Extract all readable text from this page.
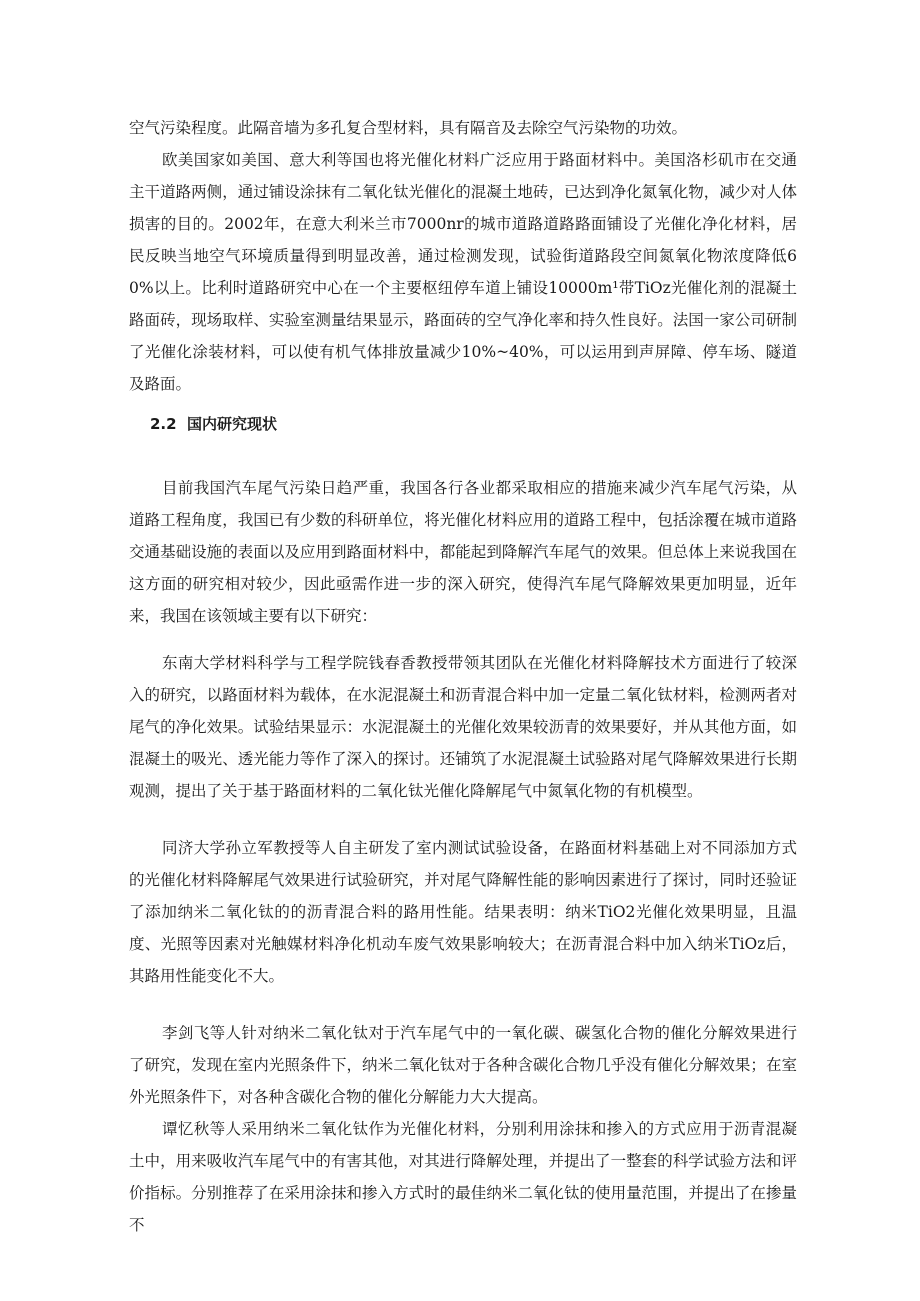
空气污染程度。此隔音墙为多孔复合型材料，具有隔音及去除空气污染物的功效。

欧美国家如美国、意大利等国也将光催化材料广泛应用于路面材料中。美国洛杉矶市在交通主干道路两侧，通过铺设涂抹有二氧化钛光催化的混凝土地砖，已达到净化氮氧化物，减少对人体损害的目的。2002年，在意大利米兰市7000nr的城市道路道路路面铺设了光催化净化材料，居民反映当地空气环境质量得到明显改善，通过检测发现，试验街道路段空间氮氧化物浓度降低60%以上。比利时道路研究中心在一个主要枢纽停车道上铺设10000m¹带TiOz光催化剂的混凝土路面砖，现场取样、实验室测量结果显示，路面砖的空气净化率和持久性良好。法国一家公司研制了光催化涂装材料，可以使有机气体排放量减少10%~40%，可以运用到声屏障、停车场、隧道及路面。

2.2 国内研究现状

目前我国汽车尾气污染日趋严重，我国各行各业都采取相应的措施来减少汽车尾气污染，从道路工程角度，我国已有少数的科研单位，将光催化材料应用的道路工程中，包括涂覆在城市道路交通基础设施的表面以及应用到路面材料中，都能起到降解汽车尾气的效果。但总体上来说我国在这方面的研究相对较少，因此亟需作进一步的深入研究，使得汽车尾气降解效果更加明显，近年来，我国在该领域主要有以下研究：

东南大学材料科学与工程学院钱春香教授带领其团队在光催化材料降解技术方面进行了较深入的研究，以路面材料为载体，在水泥混凝土和沥青混合料中加一定量二氧化钛材料，检测两者对尾气的净化效果。试验结果显示：水泥混凝土的光催化效果较沥青的效果要好，并从其他方面，如混凝土的吸光、透光能力等作了深入的探讨。还铺筑了水泥混凝土试验路对尾气降解效果进行长期观测，提出了关于基于路面材料的二氧化钛光催化降解尾气中氮氧化物的有机模型。

同济大学孙立军教授等人自主研发了室内测试试验设备，在路面材料基础上对不同添加方式的光催化材料降解尾气效果进行试验研究，并对尾气降解性能的影响因素进行了探讨，同时还验证了添加纳米二氧化钛的的沥青混合料的路用性能。结果表明：纳米TiO2光催化效果明显，且温度、光照等因素对光触媒材料净化机动车废气效果影响较大；在沥青混合料中加入纳米TiOz后，其路用性能变化不大。

李剑飞等人针对纳米二氧化钛对于汽车尾气中的一氧化碳、碳氢化合物的催化分解效果进行了研究，发现在室内光照条件下，纳米二氧化钛对于各种含碳化合物几乎没有催化分解效果；在室外光照条件下，对各种含碳化合物的催化分解能力大大提高。

谭忆秋等人采用纳米二氧化钛作为光催化材料，分别利用涂抹和掺入的方式应用于沥青混凝土中，用来吸收汽车尾气中的有害其他，对其进行降解处理，并提出了一整套的科学试验方法和评价指标。分别推荐了在采用涂抹和掺入方式时的最佳纳米二氧化钛的使用量范围，并提出了在掺量不
